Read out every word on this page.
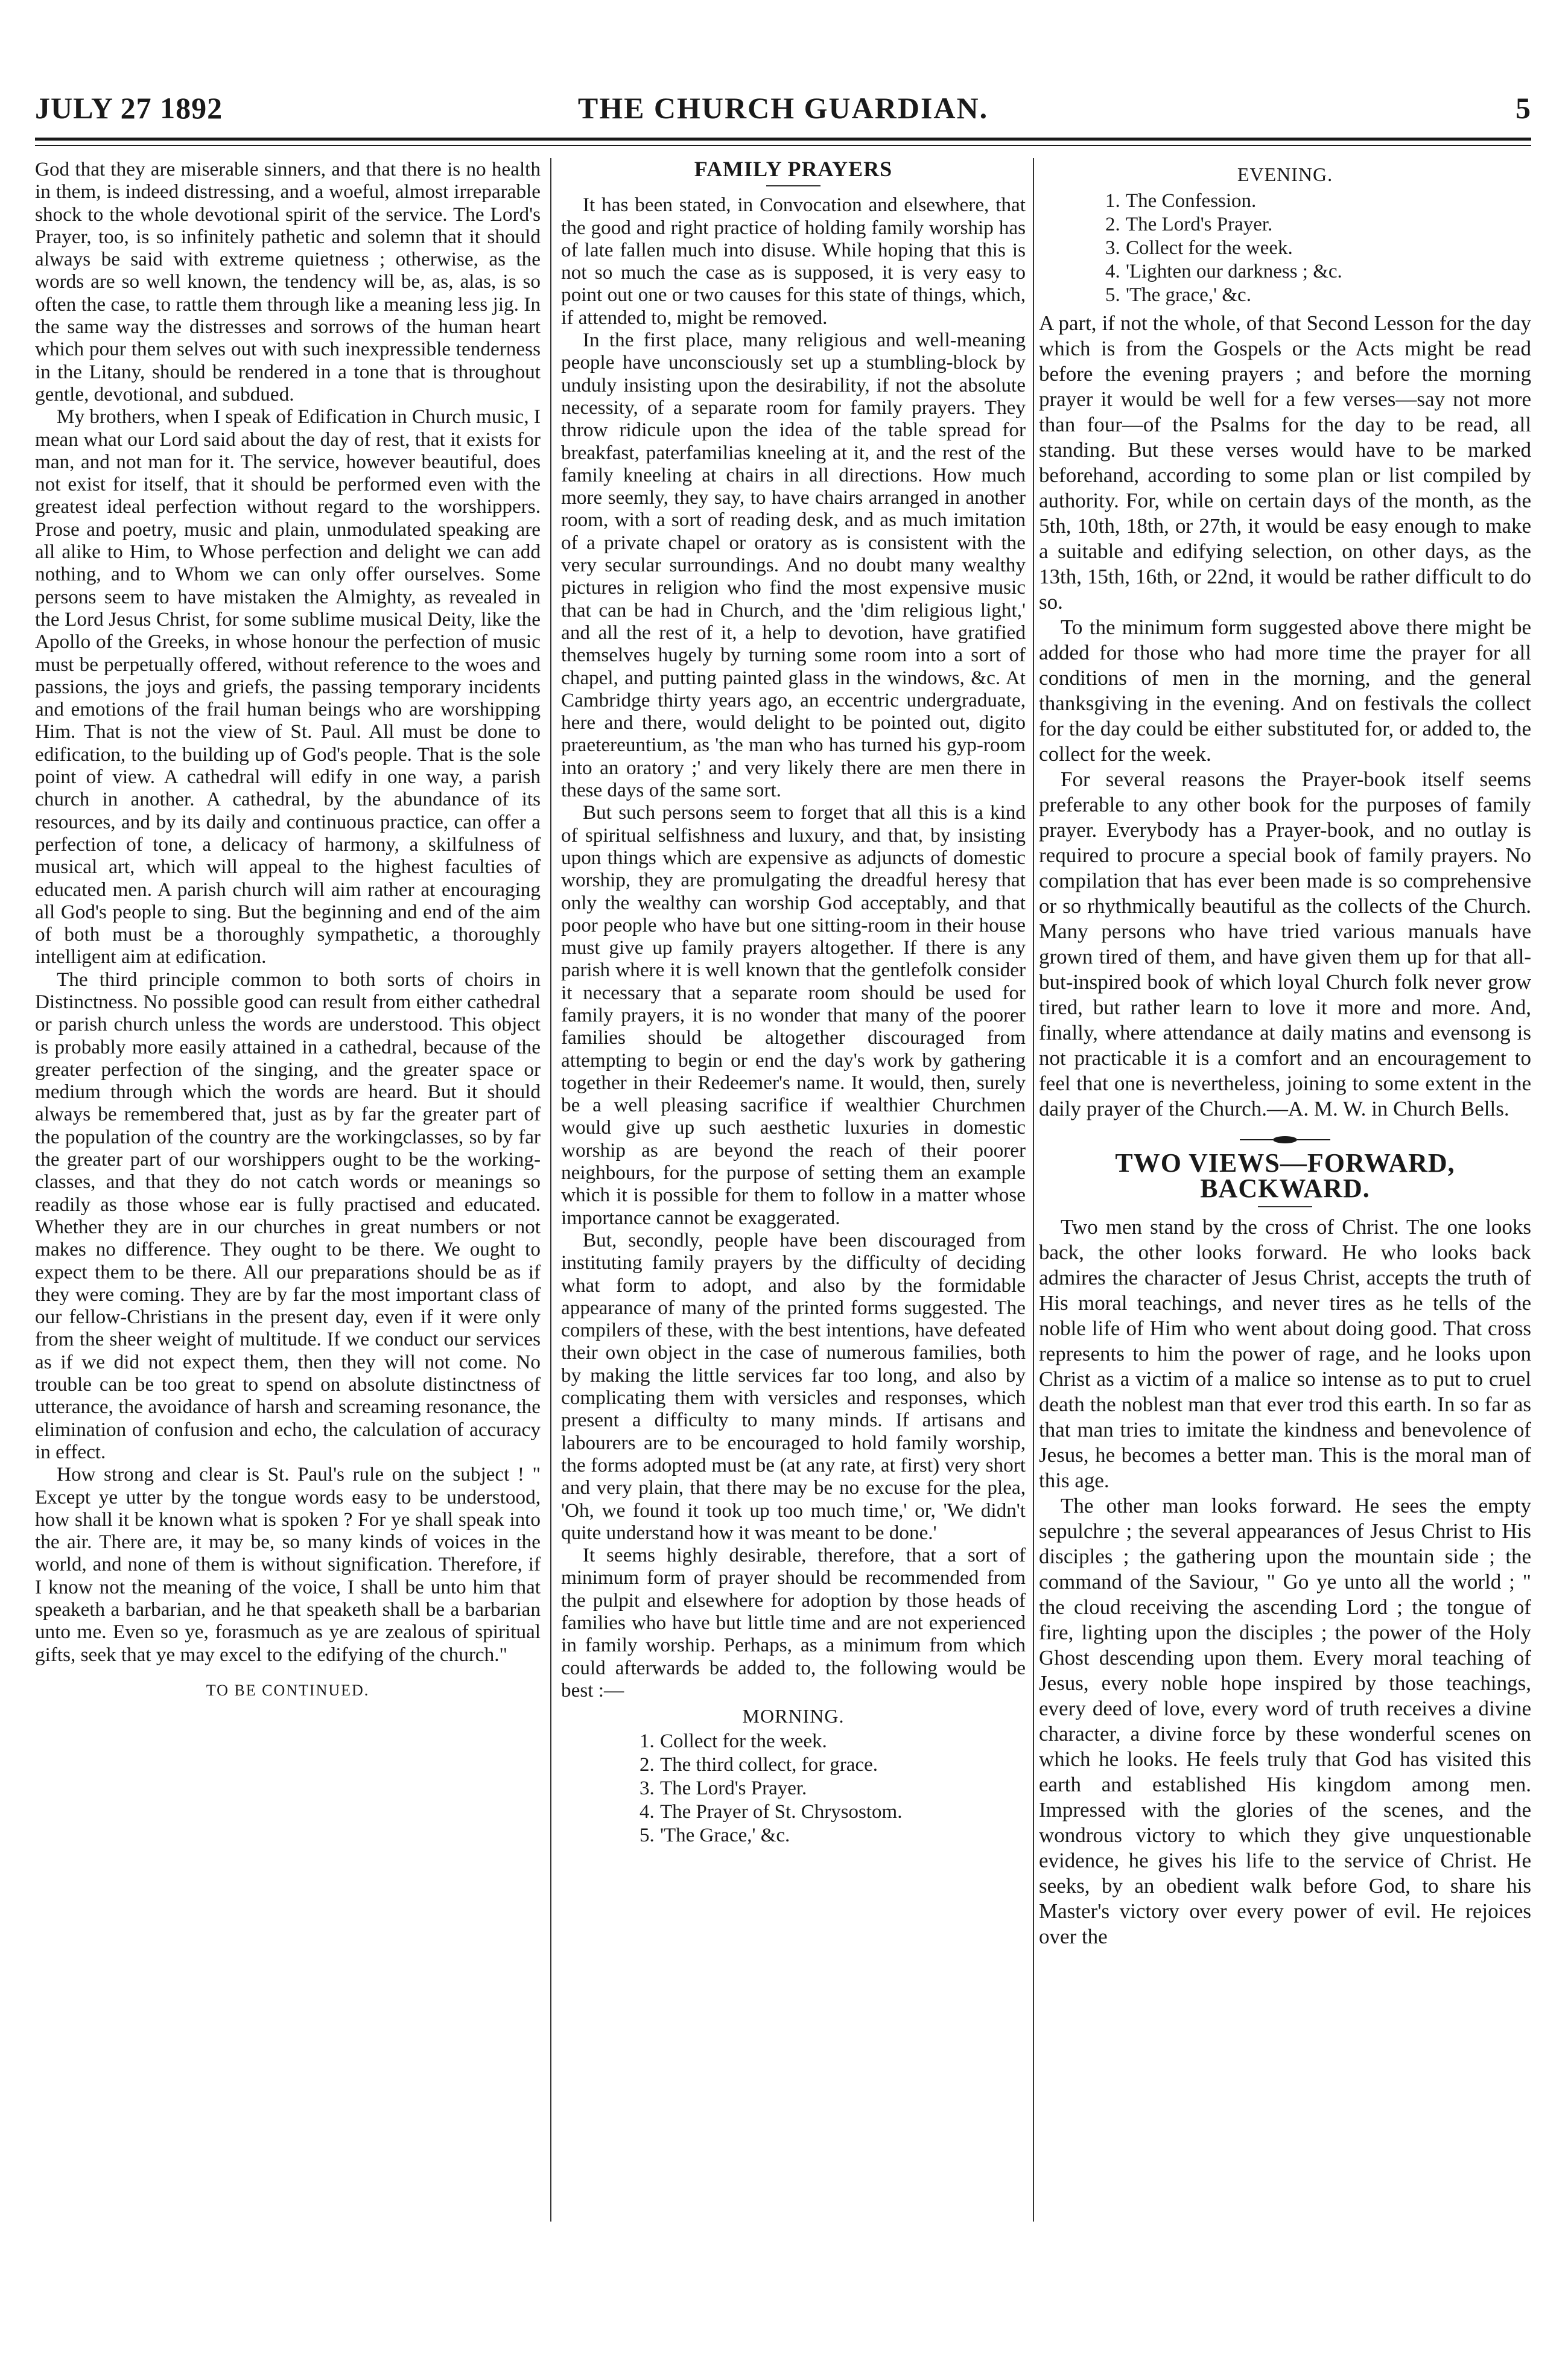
JULY 27 1892	THE CHURCH GUARDIAN.	5

God that they are miserable sinners, and that there is no health in them, is indeed distressing, and a woeful, almost irreparable shock to the whole devotional spirit of the service. The Lord's Prayer, too, is so infinitely pathetic and solemn that it should always be said with extreme quietness ; otherwise, as the words are so well known, the tendency will be, as, alas, is so often the case, to rattle them through like a meaning less jig. In the same way the distresses and sorrows of the human heart which pour them selves out with such inexpressible tenderness in the Litany, should be rendered in a tone that is throughout gentle, devotional, and subdued.

My brothers, when I speak of Edification in Church music, I mean what our Lord said about the day of rest, that it exists for man, and not man for it. The service, however beautiful, does not exist for itself, that it should be performed even with the greatest ideal perfection without regard to the worshippers. Prose and poetry, music and plain, unmodulated speaking are all alike to Him, to Whose perfection and delight we can add nothing, and to Whom we can only offer ourselves. Some persons seem to have mistaken the Almighty, as revealed in the Lord Jesus Christ, for some sublime musical Deity, like the Apollo of the Greeks, in whose honour the perfection of music must be perpetually offered, without reference to the woes and passions, the joys and griefs, the passing temporary incidents and emotions of the frail human beings who are worshipping Him. That is not the view of St. Paul. All must be done to edification, to the building up of God's people. That is the sole point of view. A cathedral will edify in one way, a parish church in another. A cathedral, by the abundance of its resources, and by its daily and continuous practice, can offer a perfection of tone, a delicacy of harmony, a skilfulness of musical art, which will appeal to the highest faculties of educated men. A parish church will aim rather at encouraging all God's people to sing. But the beginning and end of the aim of both must be a thoroughly sympathetic, a thoroughly intelligent aim at edification.

The third principle common to both sorts of choirs in Distinctness. No possible good can result from either cathedral or parish church unless the words are understood. This object is probably more easily attained in a cathedral, because of the greater perfection of the singing, and the greater space or medium through which the words are heard. But it should always be remembered that, just as by far the greater part of the population of the country are the workingclasses, so by far the greater part of our worshippers ought to be the working-classes, and that they do not catch words or meanings so readily as those whose ear is fully practised and educated. Whether they are in our churches in great numbers or not makes no difference. They ought to be there. We ought to expect them to be there. All our preparations should be as if they were coming. They are by far the most important class of our fellow-Christians in the present day, even if it were only from the sheer weight of multitude. If we conduct our services as if we did not expect them, then they will not come. No trouble can be too great to spend on absolute distinctness of utterance, the avoidance of harsh and screaming resonance, the elimination of confusion and echo, the calculation of accuracy in effect.

How strong and clear is St. Paul's rule on the subject ! " Except ye utter by the tongue words easy to be understood, how shall it be known what is spoken ? For ye shall speak into the air. There are, it may be, so many kinds of voices in the world, and none of them is without signification. Therefore, if I know not the meaning of the voice, I shall be unto him that speaketh a barbarian, and he that speaketh shall be a barbarian unto me. Even so ye, forasmuch as ye are zealous of spiritual gifts, seek that ye may excel to the edifying of the church."

TO BE CONTINUED.
FAMILY PRAYERS

It has been stated, in Convocation and elsewhere, that the good and right practice of holding family worship has of late fallen much into disuse. While hoping that this is not so much the case as is supposed, it is very easy to point out one or two causes for this state of things, which, if attended to, might be removed.

In the first place, many religious and well-meaning people have unconsciously set up a stumbling-block by unduly insisting upon the desirability, if not the absolute necessity, of a separate room for family prayers. They throw ridicule upon the idea of the table spread for breakfast, paterfamilias kneeling at it, and the rest of the family kneeling at chairs in all directions. How much more seemly, they say, to have chairs arranged in another room, with a sort of reading desk, and as much imitation of a private chapel or oratory as is consistent with the very secular surroundings. And no doubt many wealthy pictures in religion who find the most expensive music that can be had in Church, and the 'dim religious light,' and all the rest of it, a help to devotion, have gratified themselves hugely by turning some room into a sort of chapel, and putting painted glass in the windows, &c. At Cambridge thirty years ago, an eccentric undergraduate, here and there, would delight to be pointed out, digito praetereuntium, as 'the man who has turned his gyp-room into an oratory ;' and very likely there are men there in these days of the same sort.

But such persons seem to forget that all this is a kind of spiritual selfishness and luxury, and that, by insisting upon things which are expensive as adjuncts of domestic worship, they are promulgating the dreadful heresy that only the wealthy can worship God acceptably, and that poor people who have but one sitting-room in their house must give up family prayers altogether. If there is any parish where it is well known that the gentlefolk consider it necessary that a separate room should be used for family prayers, it is no wonder that many of the poorer families should be altogether discouraged from attempting to begin or end the day's work by gathering together in their Redeemer's name. It would, then, surely be a well pleasing sacrifice if wealthier Churchmen would give up such aesthetic luxuries in domestic worship as are beyond the reach of their poorer neighbours, for the purpose of setting them an example which it is possible for them to follow in a matter whose importance cannot be exaggerated.

But, secondly, people have been discouraged from instituting family prayers by the difficulty of deciding what form to adopt, and also by the formidable appearance of many of the printed forms suggested. The compilers of these, with the best intentions, have defeated their own object in the case of numerous families, both by making the little services far too long, and also by complicating them with versicles and responses, which present a difficulty to many minds. If artisans and labourers are to be encouraged to hold family worship, the forms adopted must be (at any rate, at first) very short and very plain, that there may be no excuse for the plea, 'Oh, we found it took up too much time,' or, 'We didn't quite understand how it was meant to be done.'

It seems highly desirable, therefore, that a sort of minimum form of prayer should be recommended from the pulpit and elsewhere for adoption by those heads of families who have but little time and are not experienced in family worship. Perhaps, as a minimum from which could afterwards be added to, the following would be best :—

MORNING.
1. Collect for the week.
2. The third collect, for grace.
3. The Lord's Prayer.
4. The Prayer of St. Chrysostom.
5. 'The Grace,' &c.
EVENING.
1. The Confession.
2. The Lord's Prayer.
3. Collect for the week.
4. 'Lighten our darkness ; &c.
5. 'The grace,' &c.

A part, if not the whole, of that Second Lesson for the day which is from the Gospels or the Acts might be read before the evening prayers ; and before the morning prayer it would be well for a few verses—say not more than four—of the Psalms for the day to be read, all standing. But these verses would have to be marked beforehand, according to some plan or list compiled by authority. For, while on certain days of the month, as the 5th, 10th, 18th, or 27th, it would be easy enough to make a suitable and edifying selection, on other days, as the 13th, 15th, 16th, or 22nd, it would be rather difficult to do so.

To the minimum form suggested above there might be added for those who had more time the prayer for all conditions of men in the morning, and the general thanksgiving in the evening. And on festivals the collect for the day could be either substituted for, or added to, the collect for the week.

For several reasons the Prayer-book itself seems preferable to any other book for the purposes of family prayer. Everybody has a Prayer-book, and no outlay is required to procure a special book of family prayers. No compilation that has ever been made is so comprehensive or so rhythmically beautiful as the collects of the Church. Many persons who have tried various manuals have grown tired of them, and have given them up for that all-but-inspired book of which loyal Church folk never grow tired, but rather learn to love it more and more. And, finally, where attendance at daily matins and evensong is not practicable it is a comfort and an encouragement to feel that one is nevertheless, joining to some extent in the daily prayer of the Church.—A. M. W. in Church Bells.

TWO VIEWS—FORWARD, BACKWARD.

Two men stand by the cross of Christ. The one looks back, the other looks forward. He who looks back admires the character of Jesus Christ, accepts the truth of His moral teachings, and never tires as he tells of the noble life of Him who went about doing good. That cross represents to him the power of rage, and he looks upon Christ as a victim of a malice so intense as to put to cruel death the noblest man that ever trod this earth. In so far as that man tries to imitate the kindness and benevolence of Jesus, he becomes a better man. This is the moral man of this age.

The other man looks forward. He sees the empty sepulchre ; the several appearances of Jesus Christ to His disciples ; the gathering upon the mountain side ; the command of the Saviour, " Go ye unto all the world ; " the cloud receiving the ascending Lord ; the tongue of fire, lighting upon the disciples ; the power of the Holy Ghost descending upon them. Every moral teaching of Jesus, every noble hope inspired by those teachings, every deed of love, every word of truth receives a divine character, a divine force by these wonderful scenes on which he looks. He feels truly that God has visited this earth and established His kingdom among men. Impressed with the glories of the scenes, and the wondrous victory to which they give unquestionable evidence, he gives his life to the service of Christ. He seeks, by an obedient walk before God, to share his Master's victory over every power of evil. He rejoices over the
